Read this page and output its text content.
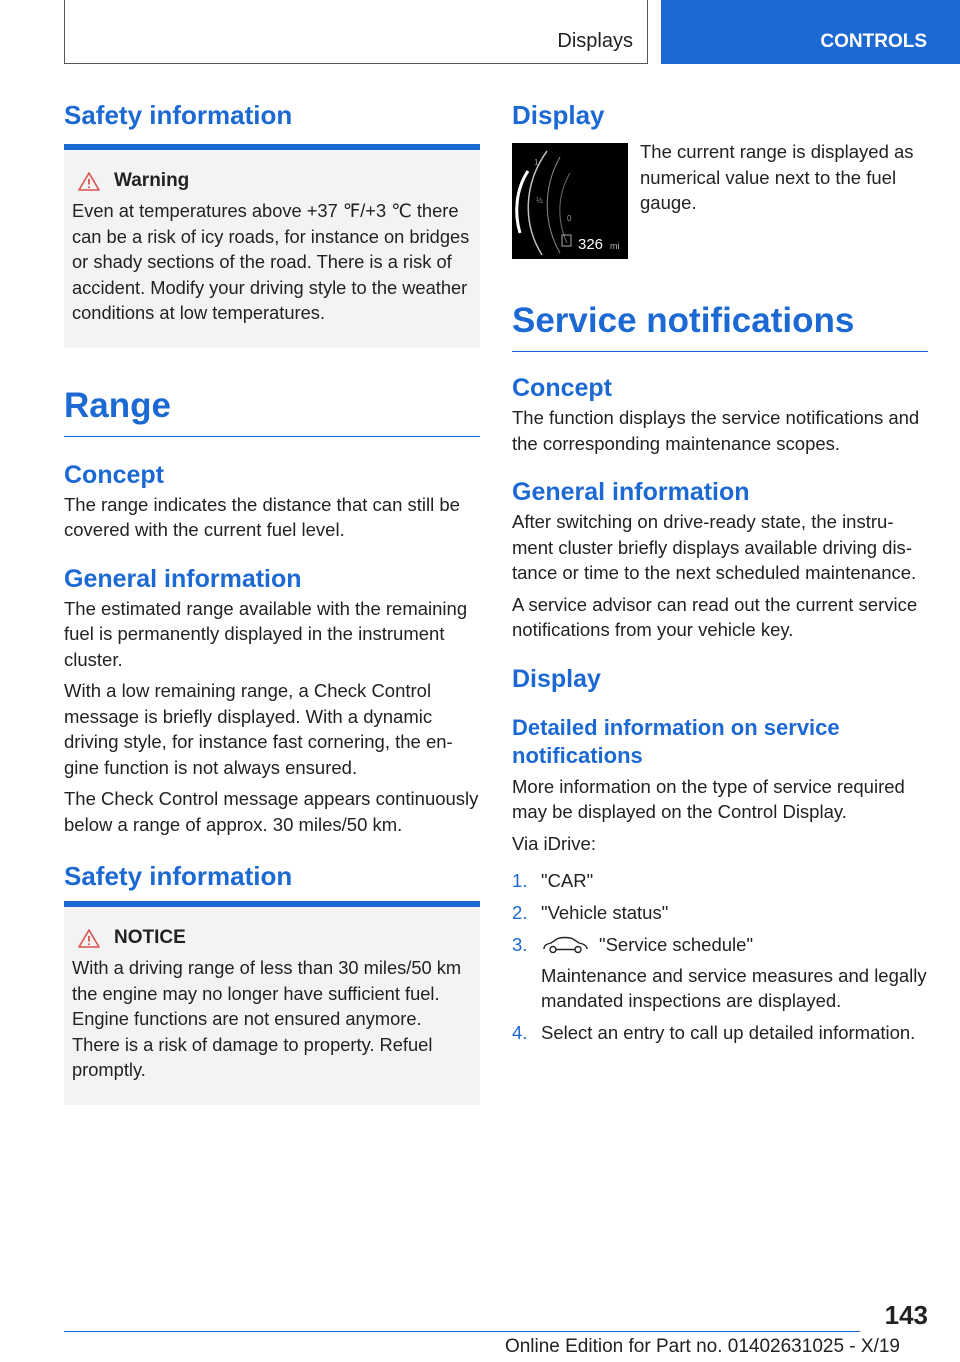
Displays	CONTROLS
Safety information
Warning

Even at temperatures above +37 ℉/+3 ℃ there can be a risk of icy roads, for instance on bridges or shady sections of the road. There is a risk of accident. Modify your driving style to the weather conditions at low temperatures.

Range
Concept

The range indicates the distance that can still be covered with the current fuel level.

General information

The estimated range available with the remaining fuel is permanently displayed in the instrument cluster.

With a low remaining range, a Check Control message is briefly displayed. With a dynamic driving style, for instance fast cornering, the engine function is not always ensured.

The Check Control message appears continuously below a range of approx. 30 miles/50 km.

Safety information
NOTICE

With a driving range of less than 30 miles/50 km the engine may no longer have sufficient fuel. Engine functions are not ensured anymore. There is a risk of damage to property. Refuel promptly.

Display
1
½
0
326 mi

The current range is displayed as numerical value next to the fuel gauge.

Service notifications
Concept

The function displays the service notifications and the corresponding maintenance scopes.

General information

After switching on drive-ready state, the instrument cluster briefly displays available driving distance or time to the next scheduled maintenance.

A service advisor can read out the current service notifications from your vehicle key.

Display
Detailed information on service notifications

More information on the type of service required may be displayed on the Control Display.

Via iDrive:

1. "CAR"
2. "Vehicle status"
3.	"Service schedule"
Maintenance and service measures and legally mandated inspections are displayed.
4. Select an entry to call up detailed information.
143
Online Edition for Part no. 01402631025 - X/19
